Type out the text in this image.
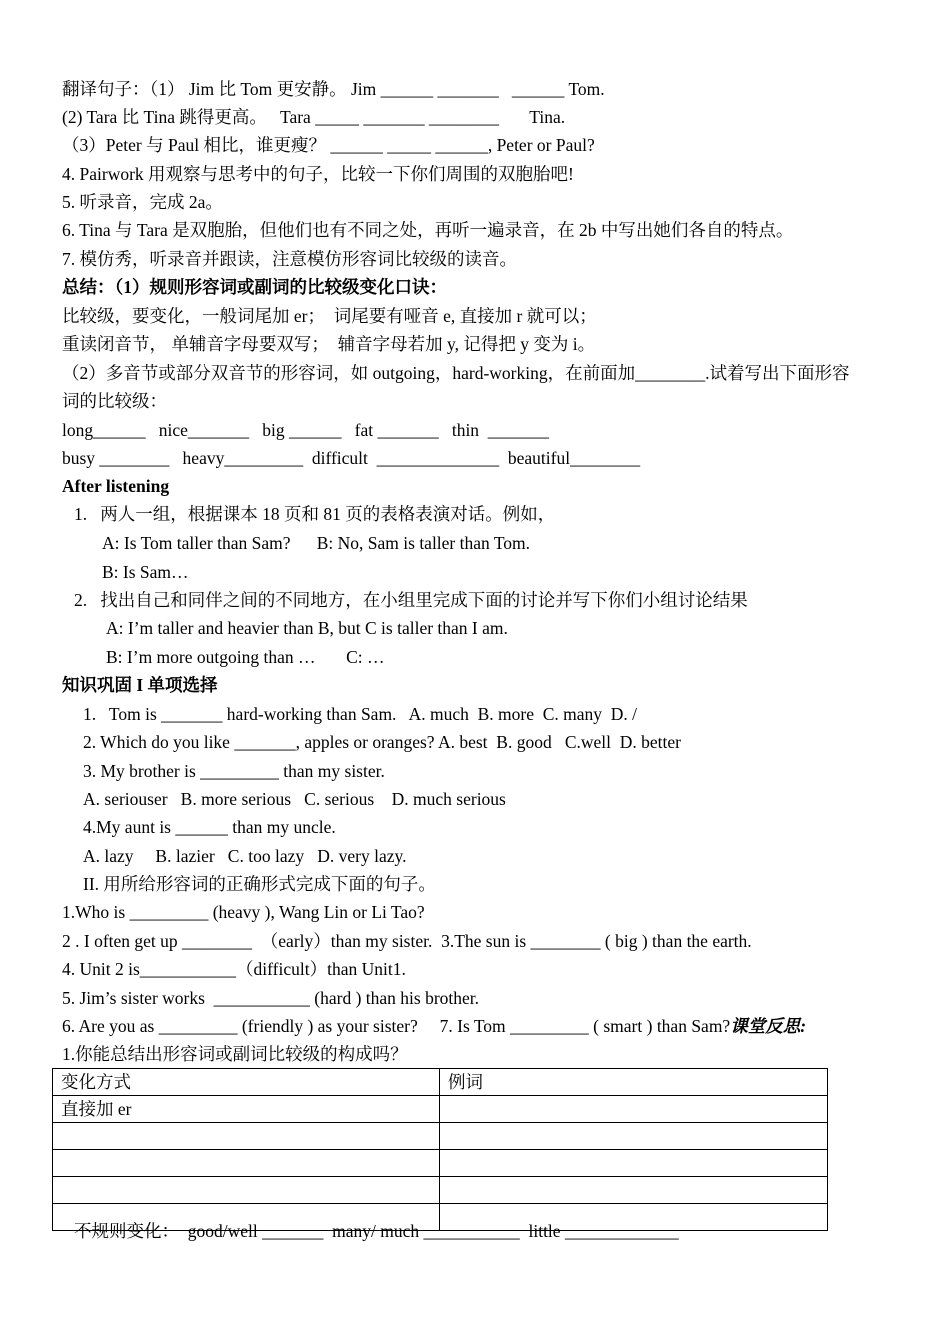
翻译句子：（1） Jim 比 Tom 更安静。 Jim ______ _______   ______ Tom.
(2) Tara 比 Tina 跳得更高。   Tara _____ _______ ________       Tina.
（3）Peter 与 Paul 相比，谁更瘦？ ______ _____ ______, Peter or Paul?
4. Pairwork 用观察与思考中的句子，比较一下你们周围的双胞胎吧!
5. 听录音，完成 2a。
6. Tina 与 Tara 是双胞胎，但他们也有不同之处，再听一遍录音，在 2b 中写出她们各自的特点。
7. 模仿秀，听录音并跟读，注意模仿形容词比较级的读音。
总结：（1）规则形容词或副词的比较级变化口诀：
比较级，要变化，一般词尾加 er；  词尾要有哑音 e, 直接加 r 就可以；
重读闭音节， 单辅音字母要双写；  辅音字母若加 y, 记得把 y 变为 i。
（2）多音节或部分双音节的形容词，如 outgoing，hard-working，在前面加________.试着写出下面形容
词的比较级：
long______   nice_______   big ______   fat _______   thin  _______
busy ________   heavy_________  difficult  ______________  beautiful________
After listening
1.   两人一组，根据课本 18 页和 81 页的表格表演对话。例如，
A: Is Tom taller than Sam?      B: No, Sam is taller than Tom.
B: Is Sam…
2.   找出自己和同伴之间的不同地方，在小组里完成下面的讨论并写下你们小组讨论结果
A: I’m taller and heavier than B, but C is taller than I am.
B: I’m more outgoing than …       C: …
知识巩固 I 单项选择
1.   Tom is _______ hard-working than Sam.   A. much  B. more  C. many  D. /
2. Which do you like _______, apples or oranges? A. best  B. good   C.well  D. better
3. My brother is _________ than my sister.
A. seriouser   B. more serious   C. serious    D. much serious
4.My aunt is ______ than my uncle.
A. lazy     B. lazier   C. too lazy   D. very lazy.
II. 用所给形容词的正确形式完成下面的句子。
1.Who is _________ (heavy ), Wang Lin or Li Tao?
2 . I often get up ________  （early）than my sister.  3.The sun is ________ ( big ) than the earth.
4. Unit 2 is___________（difficult）than Unit1.
5. Jim’s sister works  ___________ (hard ) than his brother.
6. Are you as _________ (friendly ) as your sister?     7. Is Tom _________ ( smart ) than Sam?课堂反思:
1.你能总结出形容词或副词比较级的构成吗？
变化方式	例词
直接加 er	

不规则变化：  good/well _______  many/ much ___________  little _____________
